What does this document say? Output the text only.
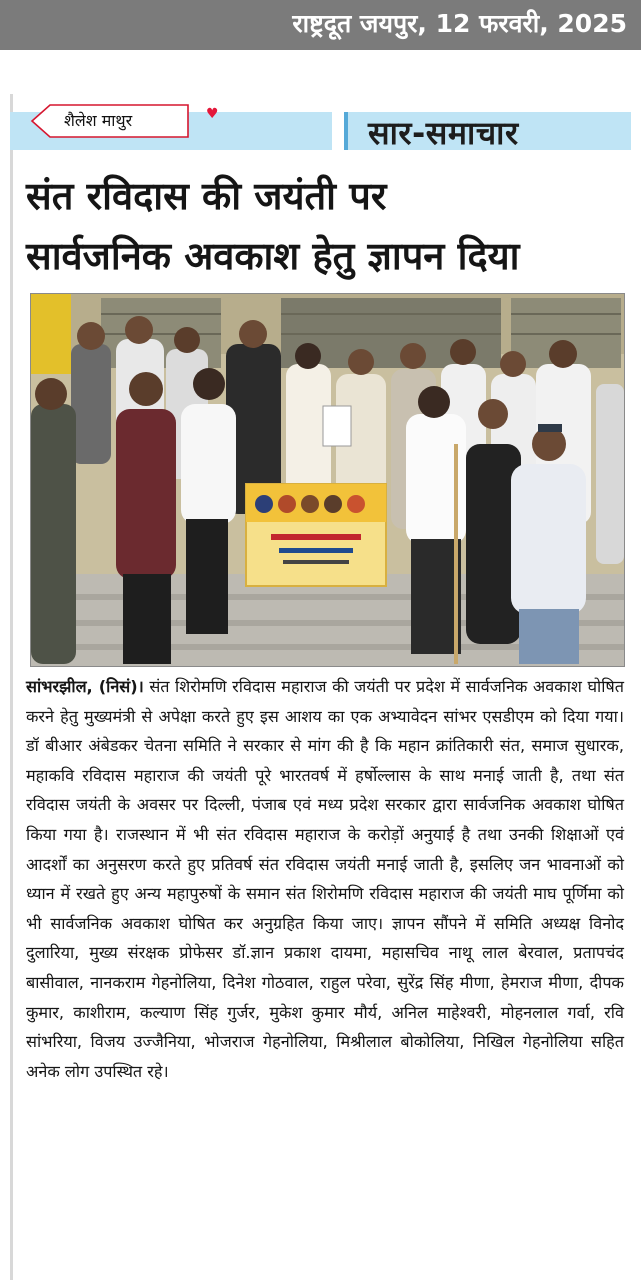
राष्ट्रदूत जयपुर, 12 फरवरी, 2025
शैलेश माथुर	♥	सार-समाचार
संत रविदास की जयंती पर
सार्वजनिक अवकाश हेतु ज्ञापन दिया

सांभरझील, (निसं)। संत शिरोमणि रविदास महाराज की जयंती पर प्रदेश में सार्वजनिक अवकाश घोषित करने हेतु मुख्यमंत्री से अपेक्षा करते हुए इस आशय का एक अभ्यावेदन सांभर एसडीएम को दिया गया। डॉ बीआर अंबेडकर चेतना समिति ने सरकार से मांग की है कि महान क्रांतिकारी संत, समाज सुधारक, महाकवि रविदास महाराज की जयंती पूरे भारतवर्ष में हर्षोल्लास के साथ मनाई जाती है, तथा संत रविदास जयंती के अवसर पर दिल्ली, पंजाब एवं मध्य प्रदेश सरकार द्वारा सार्वजनिक अवकाश घोषित किया गया है। राजस्थान में भी संत रविदास महाराज के करोड़ों अनुयाई है तथा उनकी शिक्षाओं एवं आदर्शों का अनुसरण करते हुए प्रतिवर्ष संत रविदास जयंती मनाई जाती है, इसलिए जन भावनाओं को ध्यान में रखते हुए अन्य महापुरुषों के समान संत शिरोमणि रविदास महाराज की जयंती माघ पूर्णिमा को भी सार्वजनिक अवकाश घोषित कर अनुग्रहित किया जाए। ज्ञापन सौंपने में समिति अध्यक्ष विनोद दुलारिया, मुख्य संरक्षक प्रोफेसर डॉ.ज्ञान प्रकाश दायमा, महासचिव नाथू लाल बेरवाल, प्रतापचंद बासीवाल, नानकराम गेहनोलिया, दिनेश गोठवाल, राहुल परेवा, सुरेंद्र सिंह मीणा, हेमराज मीणा, दीपक कुमार, काशीराम, कल्याण सिंह गुर्जर, मुकेश कुमार मौर्य, अनिल माहेश्वरी, मोहनलाल गर्वा, रवि सांभरिया, विजय उज्जैनिया, भोजराज गेहनोलिया, मिश्रीलाल बोकोलिया, निखिल गेहनोलिया सहित अनेक लोग उपस्थित रहे।
